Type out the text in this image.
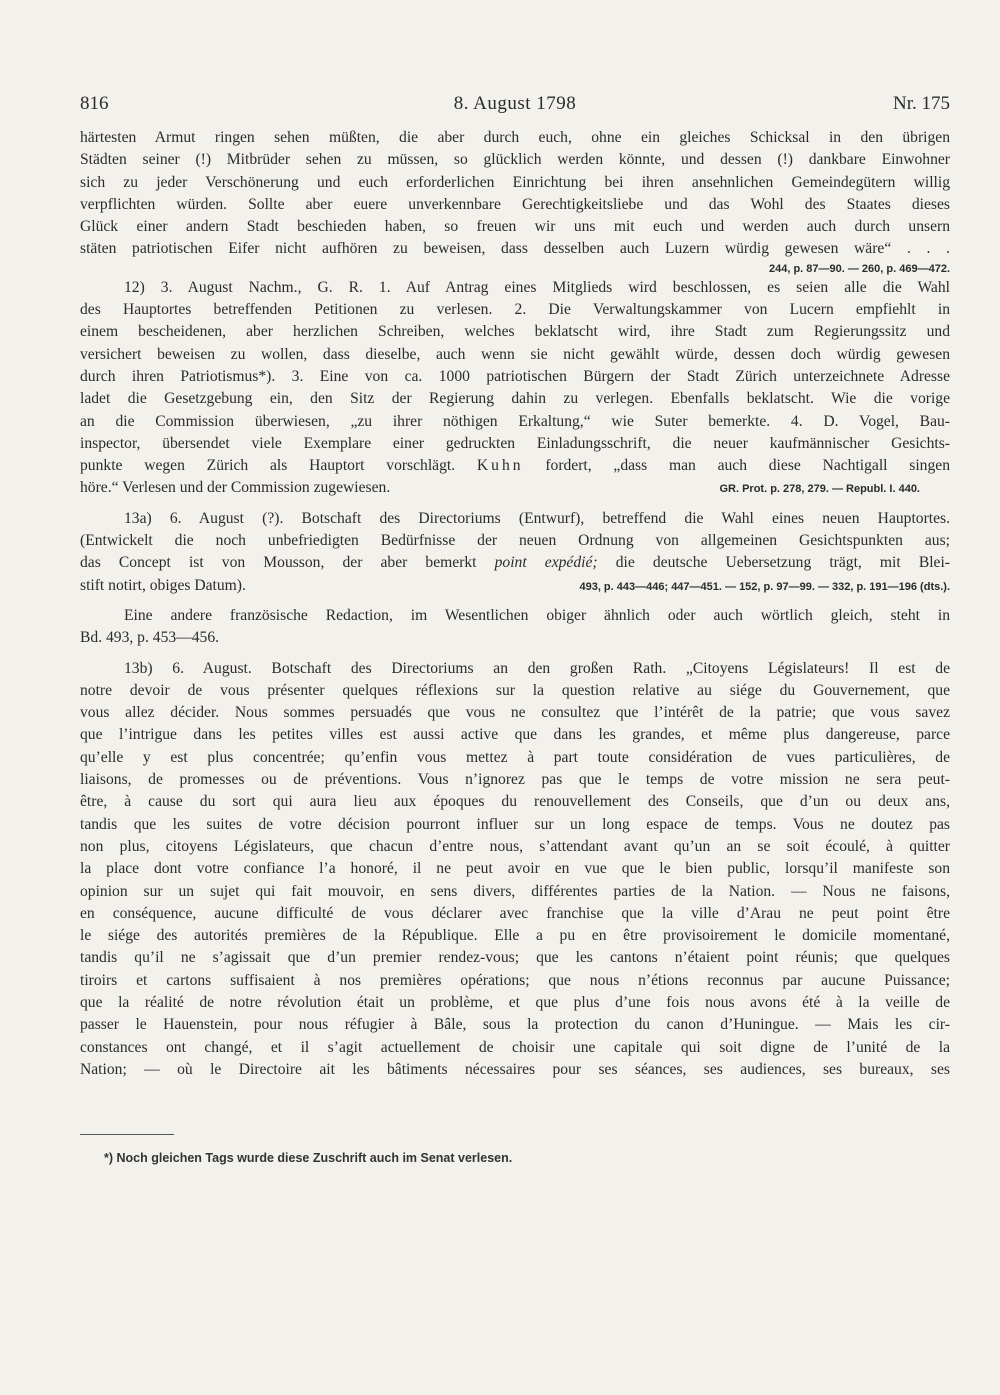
816	8. August 1798	Nr. 175
härtesten Armut ringen sehen müßten, die aber durch euch, ohne ein gleiches Schicksal in den übrigen
Städten seiner (!) Mitbrüder sehen zu müssen, so glücklich werden könnte, und dessen (!) dankbare Einwohner
sich zu jeder Verschönerung und euch erforderlichen Einrichtung bei ihren ansehnlichen Gemeindegütern willig
verpflichten würden. Sollte aber euere unverkennbare Gerechtigkeitsliebe und das Wohl des Staates dieses
Glück einer andern Stadt beschieden haben, so freuen wir uns mit euch und werden auch durch unsern
stäten patriotischen Eifer nicht aufhören zu beweisen, dass desselben auch Luzern würdig gewesen wäre“ . . .
244, p. 87—90. — 260, p. 469—472.
12) 3. August Nachm., G. R. 1. Auf Antrag eines Mitglieds wird beschlossen, es seien alle die Wahl
des Hauptortes betreffenden Petitionen zu verlesen. 2. Die Verwaltungskammer von Lucern empfiehlt in
einem bescheidenen, aber herzlichen Schreiben, welches beklatscht wird, ihre Stadt zum Regierungssitz und
versichert beweisen zu wollen, dass dieselbe, auch wenn sie nicht gewählt würde, dessen doch würdig gewesen
durch ihren Patriotismus*). 3. Eine von ca. 1000 patriotischen Bürgern der Stadt Zürich unterzeichnete Adresse
ladet die Gesetzgebung ein, den Sitz der Regierung dahin zu verlegen. Ebenfalls beklatscht. Wie die vorige
an die Commission überwiesen, „zu ihrer nöthigen Erkaltung,“ wie Suter bemerkte. 4. D. Vogel, Bau-
inspector, übersendet viele Exemplare einer gedruckten Einladungsschrift, die neuer kaufmännischer Gesichts-
punkte wegen Zürich als Hauptort vorschlägt. Kuhn fordert, „dass man auch diese Nachtigall singen
höre.“ Verlesen und der Commission zugewiesen.	GR. Prot. p. 278, 279. — Republ. I. 440.
13a) 6. August (?). Botschaft des Directoriums (Entwurf), betreffend die Wahl eines neuen Hauptortes.
(Entwickelt die noch unbefriedigten Bedürfnisse der neuen Ordnung von allgemeinen Gesichtspunkten aus;
das Concept ist von Mousson, der aber bemerkt point expédié; die deutsche Uebersetzung trägt, mit Blei-
stift notirt, obiges Datum).	493, p. 443—446; 447—451. — 152, p. 97—99. — 332, p. 191—196 (dts.).
Eine andere französische Redaction, im Wesentlichen obiger ähnlich oder auch wörtlich gleich, steht in
Bd. 493, p. 453—456.
13b) 6. August. Botschaft des Directoriums an den großen Rath. „Citoyens Législateurs! Il est de
notre devoir de vous présenter quelques réflexions sur la question relative au siége du Gouvernement, que
vous allez décider. Nous sommes persuadés que vous ne consultez que l’intérêt de la patrie; que vous savez
que l’intrigue dans les petites villes est aussi active que dans les grandes, et même plus dangereuse, parce
qu’elle y est plus concentrée; qu’enfin vous mettez à part toute considération de vues particulières, de
liaisons, de promesses ou de préventions. Vous n’ignorez pas que le temps de votre mission ne sera peut-
être, à cause du sort qui aura lieu aux époques du renouvellement des Conseils, que d’un ou deux ans,
tandis que les suites de votre décision pourront influer sur un long espace de temps. Vous ne doutez pas
non plus, citoyens Législateurs, que chacun d’entre nous, s’attendant avant qu’un an se soit écoulé, à quitter
la place dont votre confiance l’a honoré, il ne peut avoir en vue que le bien public, lorsqu’il manifeste son
opinion sur un sujet qui fait mouvoir, en sens divers, différentes parties de la Nation. — Nous ne faisons,
en conséquence, aucune difficulté de vous déclarer avec franchise que la ville d’Arau ne peut point être
le siége des autorités premières de la République. Elle a pu en être provisoirement le domicile momentané,
tandis qu’il ne s’agissait que d’un premier rendez-vous; que les cantons n’étaient point réunis; que quelques
tiroirs et cartons suffisaient à nos premières opérations; que nous n’étions reconnus par aucune Puissance;
que la réalité de notre révolution était un problème, et que plus d’une fois nous avons été à la veille de
passer le Hauenstein, pour nous réfugier à Bâle, sous la protection du canon d’Huningue. — Mais les cir-
constances ont changé, et il s’agit actuellement de choisir une capitale qui soit digne de l’unité de la
Nation; — où le Directoire ait les bâtiments nécessaires pour ses séances, ses audiences, ses bureaux, ses
*) Noch gleichen Tags wurde diese Zuschrift auch im Senat verlesen.
